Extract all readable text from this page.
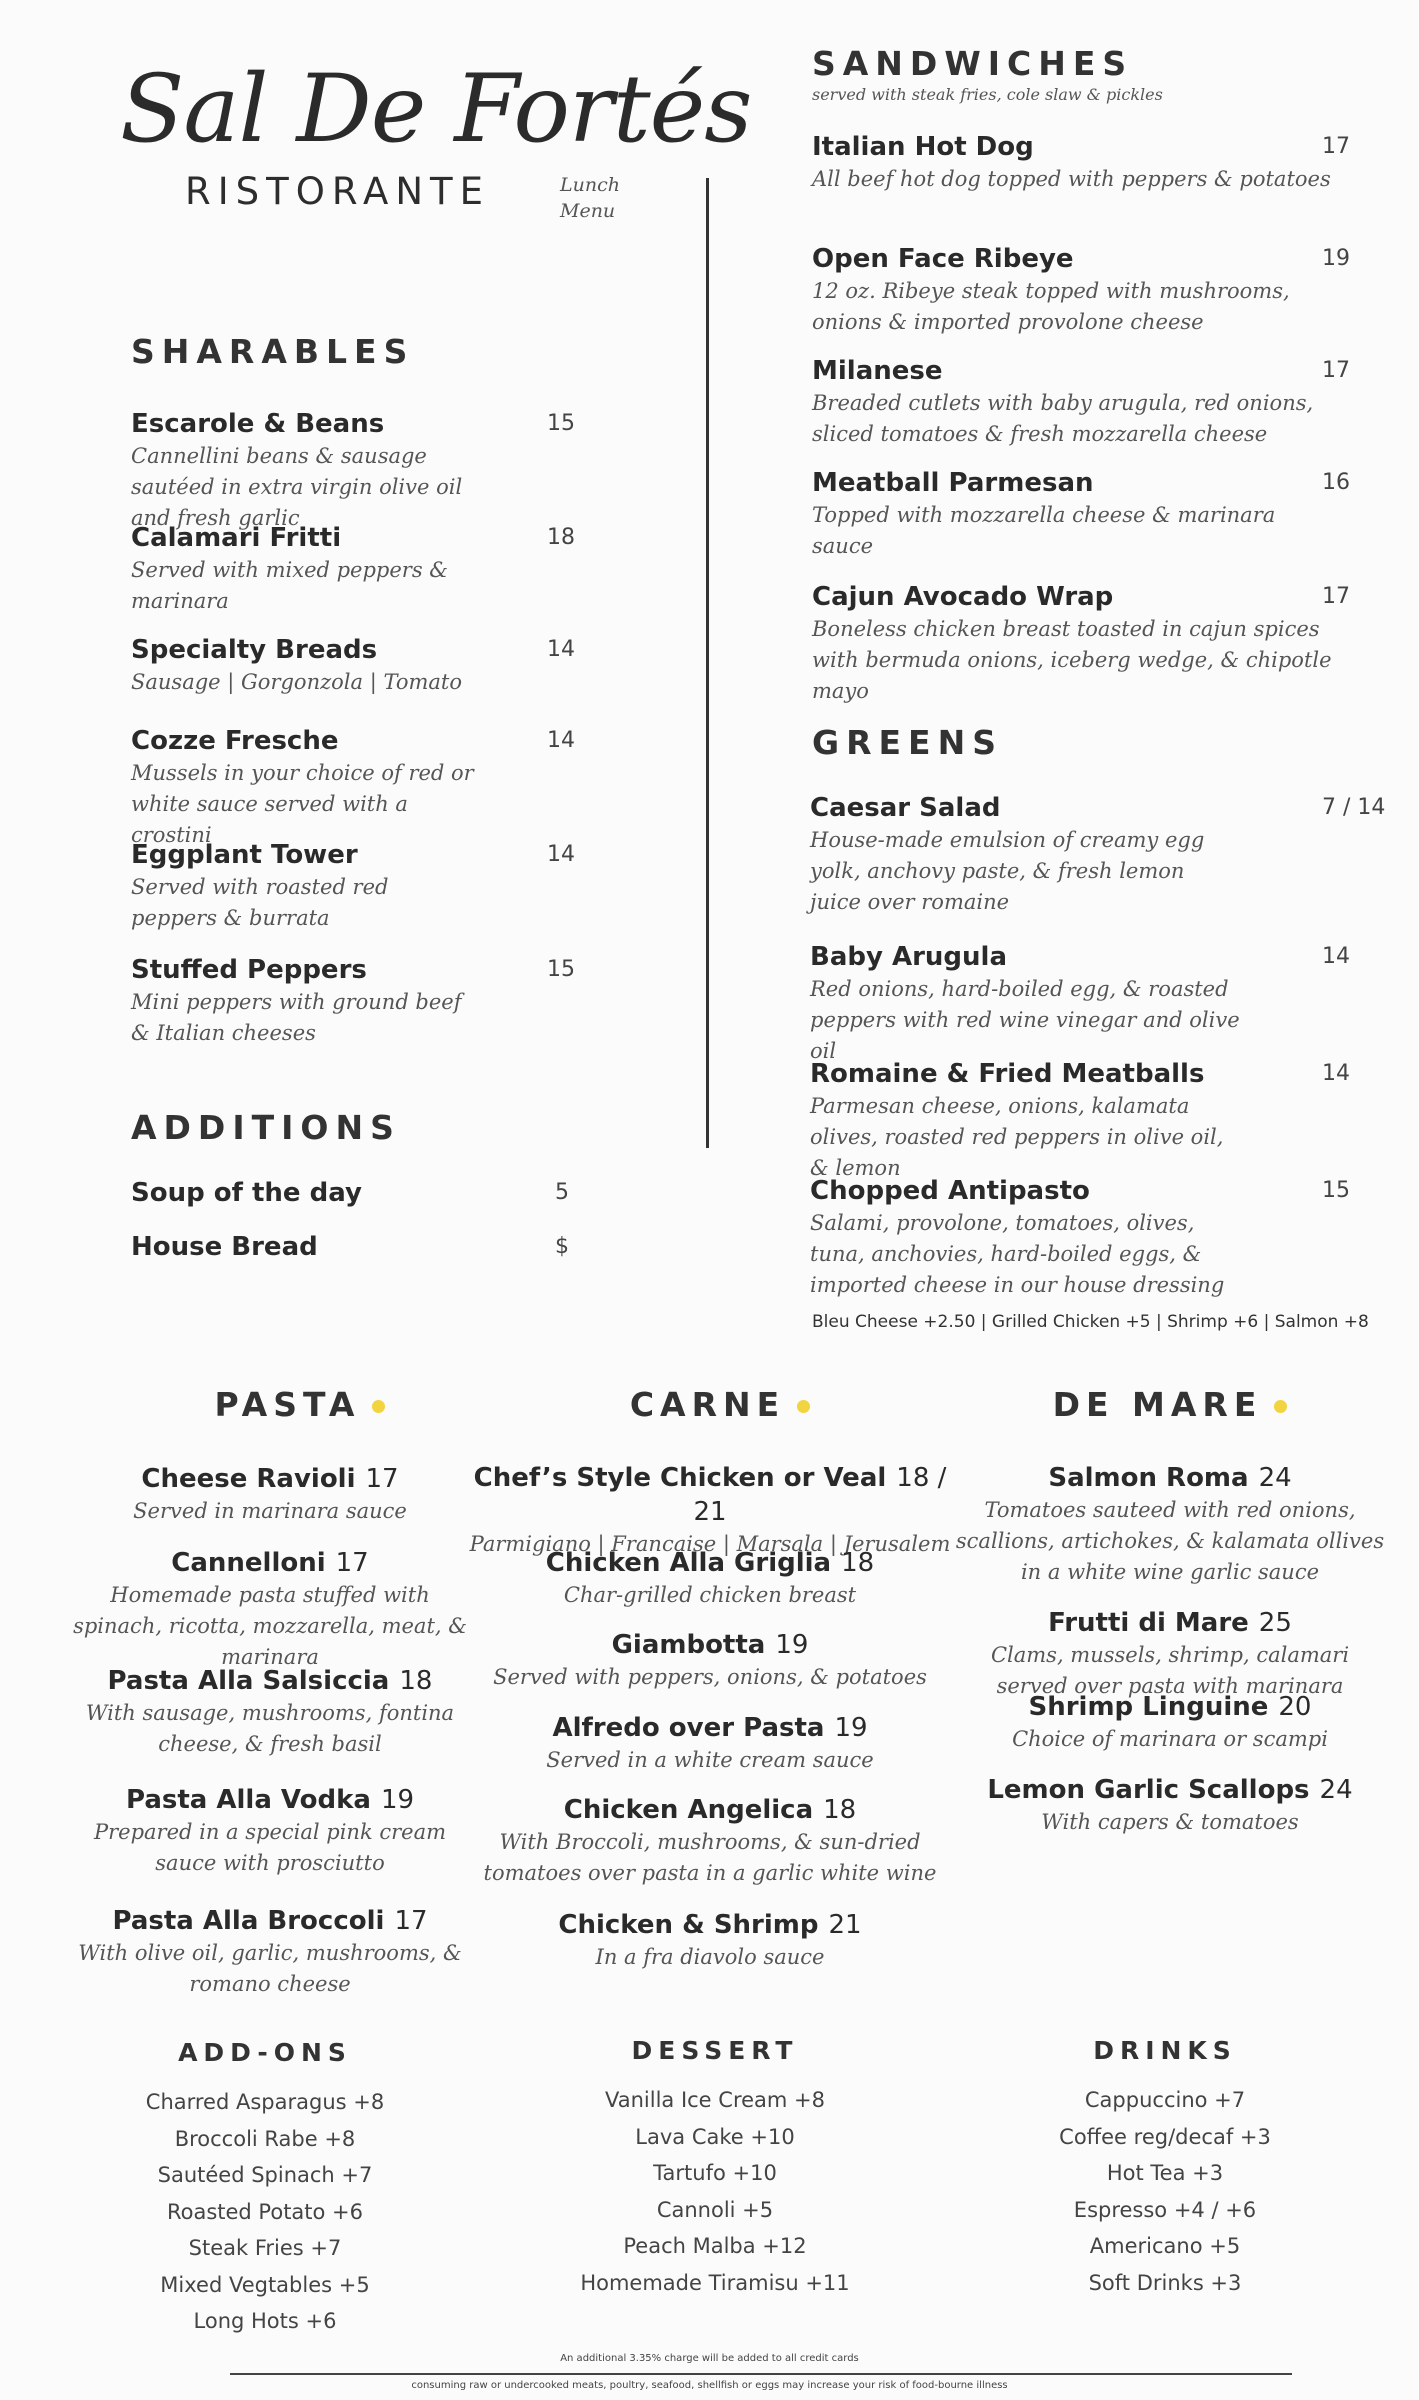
Sal De Fortés
RISTORANTE	Lunch Menu
SHARABLES
Escarole & Beans
Cannellini beans & sausage sautéed in extra virgin olive oil and fresh garlic
15
Calamari Fritti
Served with mixed peppers & marinara
18
Specialty Breads
Sausage | Gorgonzola | Tomato
14
Cozze Fresche
Mussels in your choice of red or white sauce served with a crostini
14
Eggplant Tower
Served with roasted red peppers & burrata
14
Stuffed Peppers
Mini peppers with ground beef & Italian cheeses
15
ADDITIONS
Soup of the day	5
House Bread	$
SANDWICHES
served with steak fries, cole slaw & pickles
Italian Hot Dog
All beef hot dog topped with peppers & potatoes
17
Open Face Ribeye
12 oz. Ribeye steak topped with mushrooms, onions & imported provolone cheese
19
Milanese
Breaded cutlets with baby arugula, red onions, sliced tomatoes & fresh mozzarella cheese
17
Meatball Parmesan
Topped with mozzarella cheese & marinara sauce
16
Cajun Avocado Wrap
Boneless chicken breast toasted in cajun spices with bermuda onions, iceberg wedge, & chipotle mayo
17
GREENS
Caesar Salad
House-made emulsion of creamy egg yolk, anchovy paste, & fresh lemon juice over romaine
7 / 14
Baby Arugula
Red onions, hard-boiled egg, & roasted peppers with red wine vinegar and olive oil
14
Romaine & Fried Meatballs
Parmesan cheese, onions, kalamata olives, roasted red peppers in olive oil, & lemon
14
Chopped Antipasto
Salami, provolone, tomatoes, olives, tuna, anchovies, hard-boiled eggs, & imported cheese in our house dressing
15
Bleu Cheese +2.50 | Grilled Chicken +5 | Shrimp +6 | Salmon +8
PASTA	CARNE	DE MARE
Cheese Ravioli 17
Served in marinara sauce
Cannelloni 17
Homemade pasta stuffed with spinach, ricotta, mozzarella, meat, & marinara
Pasta Alla Salsiccia 18
With sausage, mushrooms, fontina cheese, & fresh basil
Pasta Alla Vodka 19
Prepared in a special pink cream sauce with prosciutto
Pasta Alla Broccoli 17
With olive oil, garlic, mushrooms, & romano cheese
Chef’s Style Chicken or Veal 18 / 21
Parmigiano | Francaise | Marsala | Jerusalem
Chicken Alla Griglia 18
Char-grilled chicken breast
Giambotta 19
Served with peppers, onions, & potatoes
Alfredo over Pasta 19
Served in a white cream sauce
Chicken Angelica 18
With Broccoli, mushrooms, & sun-dried tomatoes over pasta in a garlic white wine
Chicken & Shrimp 21
In a fra diavolo sauce
Salmon Roma 24
Tomatoes sauteed with red onions, scallions, artichokes, & kalamata ollives in a white wine garlic sauce
Frutti di Mare 25
Clams, mussels, shrimp, calamari served over pasta with marinara
Shrimp Linguine 20
Choice of marinara or scampi
Lemon Garlic Scallops 24
With capers & tomatoes
ADD-ONS	DESSERT	DRINKS
Charred Asparagus +8
Broccoli Rabe +8
Sautéed Spinach +7
Roasted Potato +6
Steak Fries +7
Mixed Vegtables +5
Long Hots +6
Vanilla Ice Cream +8
Lava Cake +10
Tartufo +10
Cannoli +5
Peach Malba +12
Homemade Tiramisu +11
Cappuccino +7
Coffee reg/decaf +3
Hot Tea +3
Espresso +4 / +6
Americano +5
Soft Drinks +3
An additional 3.35% charge will be added to all credit cards
consuming raw or undercooked meats, poultry, seafood, shellfish or eggs may increase your risk of food-bourne illness
